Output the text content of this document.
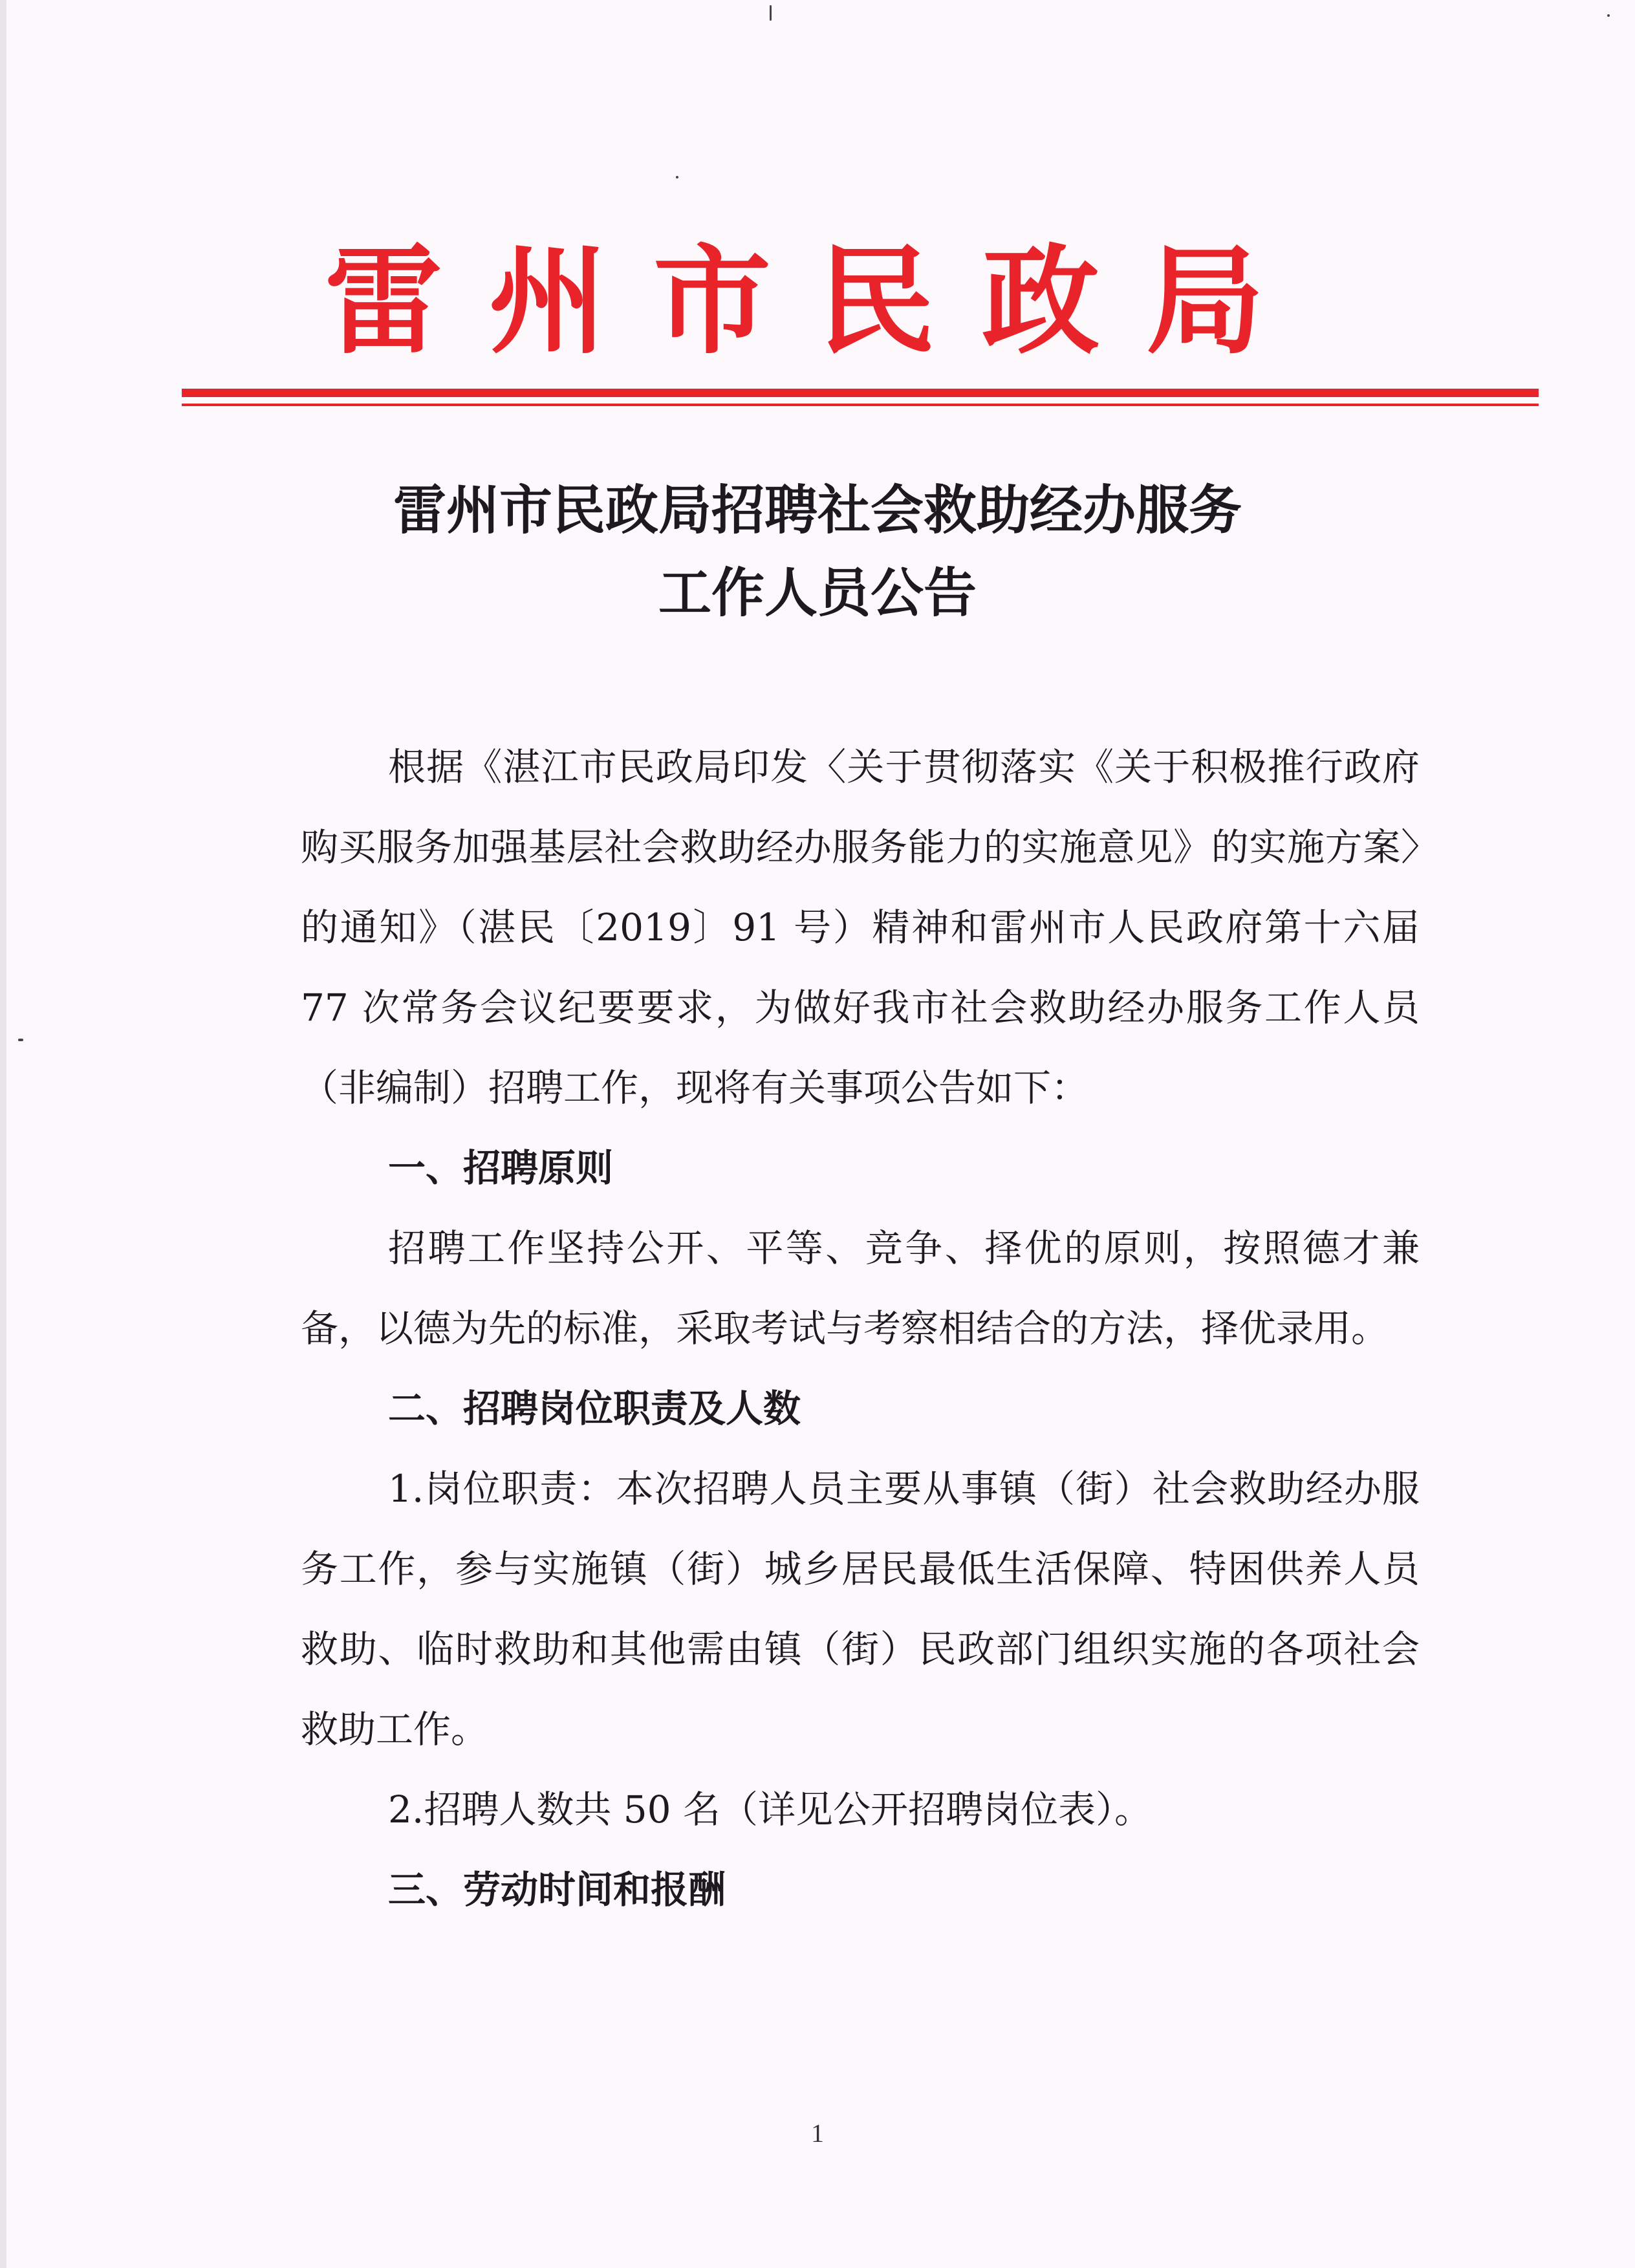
雷州市民政局
雷州市民政局招聘社会救助经办服务
工作人员公告

根据《湛江市民政局印发〈关于贯彻落实《关于积极推行政府购买服务加强基层社会救助经办服务能力的实施意见》的实施方案〉的通知》（湛民〔2019〕91 号）精神和雷州市人民政府第十六届 77 次常务会议纪要要求，为做好我市社会救助经办服务工作人员（非编制）招聘工作，现将有关事项公告如下：

一、招聘原则

招聘工作坚持公开、平等、竞争、择优的原则，按照德才兼备，以德为先的标准，采取考试与考察相结合的方法，择优录用。

二、招聘岗位职责及人数

1.岗位职责：本次招聘人员主要从事镇（街）社会救助经办服务工作，参与实施镇（街）城乡居民最低生活保障、特困供养人员救助、临时救助和其他需由镇（街）民政部门组织实施的各项社会救助工作。

2.招聘人数共 50 名（详见公开招聘岗位表）。

三、劳动时间和报酬

1
